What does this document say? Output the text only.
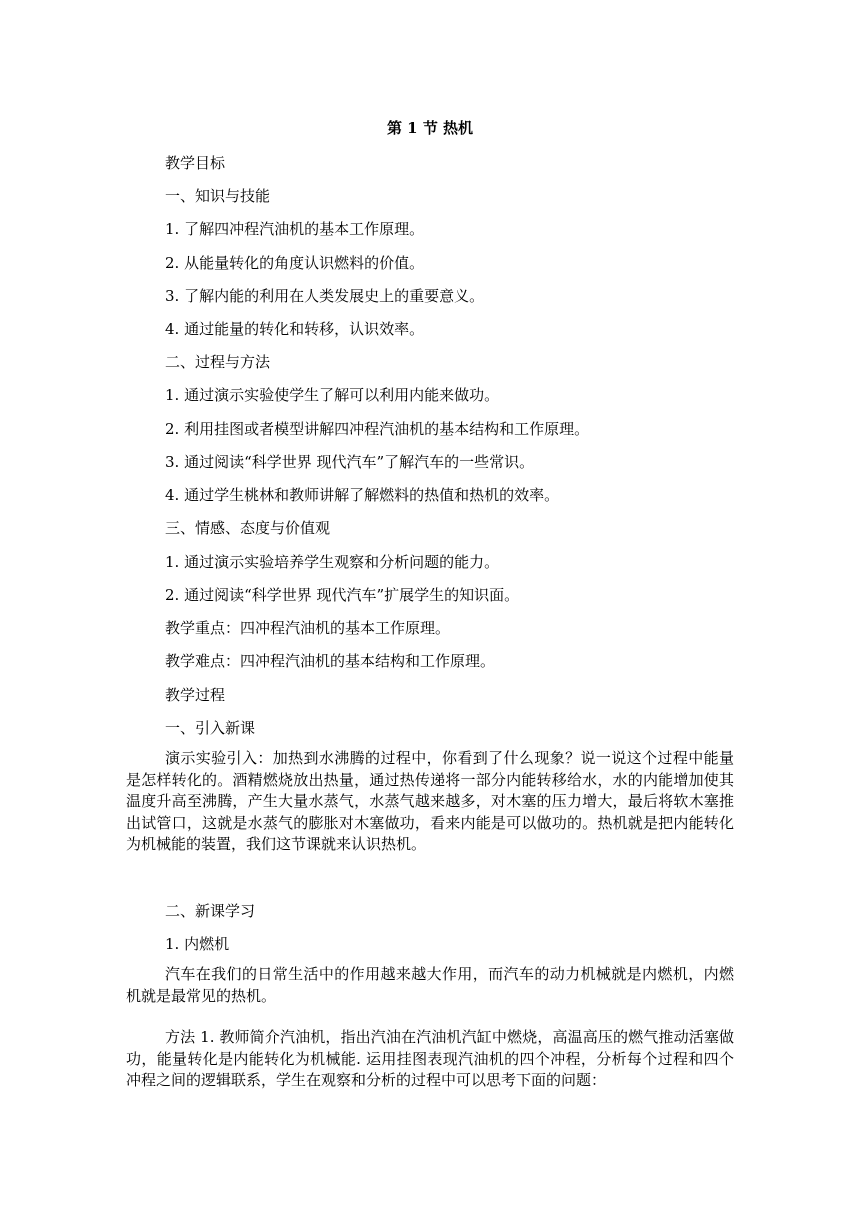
第 1 节 热机
教学目标
一、知识与技能
1. 了解四冲程汽油机的基本工作原理。
2. 从能量转化的角度认识燃料的价值。
3. 了解内能的利用在人类发展史上的重要意义。
4. 通过能量的转化和转移，认识效率。
二、过程与方法
1. 通过演示实验使学生了解可以利用内能来做功。
2. 利用挂图或者模型讲解四冲程汽油机的基本结构和工作原理。
3. 通过阅读“科学世界 现代汽车”了解汽车的一些常识。
4. 通过学生桃林和教师讲解了解燃料的热值和热机的效率。
三、情感、态度与价值观
1. 通过演示实验培养学生观察和分析问题的能力。
2. 通过阅读“科学世界 现代汽车”扩展学生的知识面。
教学重点：四冲程汽油机的基本工作原理。
教学难点：四冲程汽油机的基本结构和工作原理。
教学过程
一、引入新课
演示实验引入：加热到水沸腾的过程中，你看到了什么现象？说一说这个过程中能量是怎样转化的。酒精燃烧放出热量，通过热传递将一部分内能转移给水，水的内能增加使其温度升高至沸腾，产生大量水蒸气，水蒸气越来越多，对木塞的压力增大，最后将软木塞推出试管口，这就是水蒸气的膨胀对木塞做功，看来内能是可以做功的。热机就是把内能转化为机械能的装置，我们这节课就来认识热机。
二、新课学习
1. 内燃机
汽车在我们的日常生活中的作用越来越大作用，而汽车的动力机械就是内燃机，内燃机就是最常见的热机。
方法 1. 教师简介汽油机，指出汽油在汽油机汽缸中燃烧，高温高压的燃气推动活塞做功，能量转化是内能转化为机械能. 运用挂图表现汽油机的四个冲程，分析每个过程和四个冲程之间的逻辑联系，学生在观察和分析的过程中可以思考下面的问题：
